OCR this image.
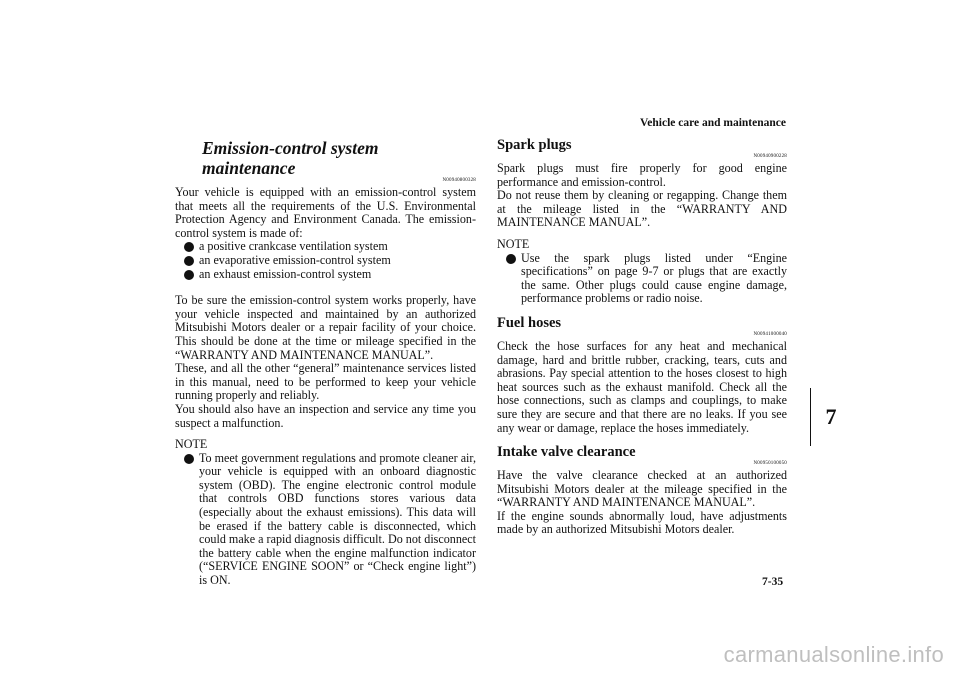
Vehicle care and maintenance
7
Emission-control system maintenance
N00940800328

Your vehicle is equipped with an emission-control system that meets all the requirements of the U.S. Environmental Protection Agency and Environment Canada. The emission-control system is made of:

a positive crankcase ventilation system
an evaporative emission-control system
an exhaust emission-control system

To be sure the emission-control system works properly, have your vehicle inspected and maintained by an authorized Mitsubishi Motors dealer or a repair facility of your choice. This should be done at the time or mileage specified in the “WARRANTY AND MAINTENANCE MANUAL”.

These, and all the other “general” maintenance services listed in this manual, need to be performed to keep your vehicle running properly and reliably.

You should also have an inspection and service any time you suspect a malfunction.

NOTE

To meet government regulations and promote cleaner air, your vehicle is equipped with an onboard diagnostic system (OBD). The engine electronic control module that controls OBD functions stores various data (especially about the exhaust emissions). This data will be erased if the battery cable is disconnected, which could make a rapid diagnosis difficult. Do not disconnect the battery cable when the engine malfunction indicator (“SERVICE ENGINE SOON” or “Check engine light”) is ON.

Spark plugs
N00940900228

Spark plugs must fire properly for good engine performance and emission-control.

Do not reuse them by cleaning or regapping. Change them at the mileage listed in the “WARRANTY AND MAINTENANCE MANUAL”.

NOTE

Use the spark plugs listed under “Engine specifications” on page 9-7 or plugs that are exactly the same. Other plugs could cause engine damage, performance problems or radio noise.

Fuel hoses
N00941000040

Check the hose surfaces for any heat and mechanical damage, hard and brittle rubber, cracking, tears, cuts and abrasions. Pay special attention to the hoses closest to high heat sources such as the exhaust manifold. Check all the hose connections, such as clamps and couplings, to make sure they are secure and that there are no leaks. If you see any wear or damage, replace the hoses immediately.

Intake valve clearance
N00950100050

Have the valve clearance checked at an authorized Mitsubishi Motors dealer at the mileage specified in the “WARRANTY AND MAINTENANCE MANUAL”.

If the engine sounds abnormally loud, have adjustments made by an authorized Mitsubishi Motors dealer.

7-35
carmanualsonline.info
